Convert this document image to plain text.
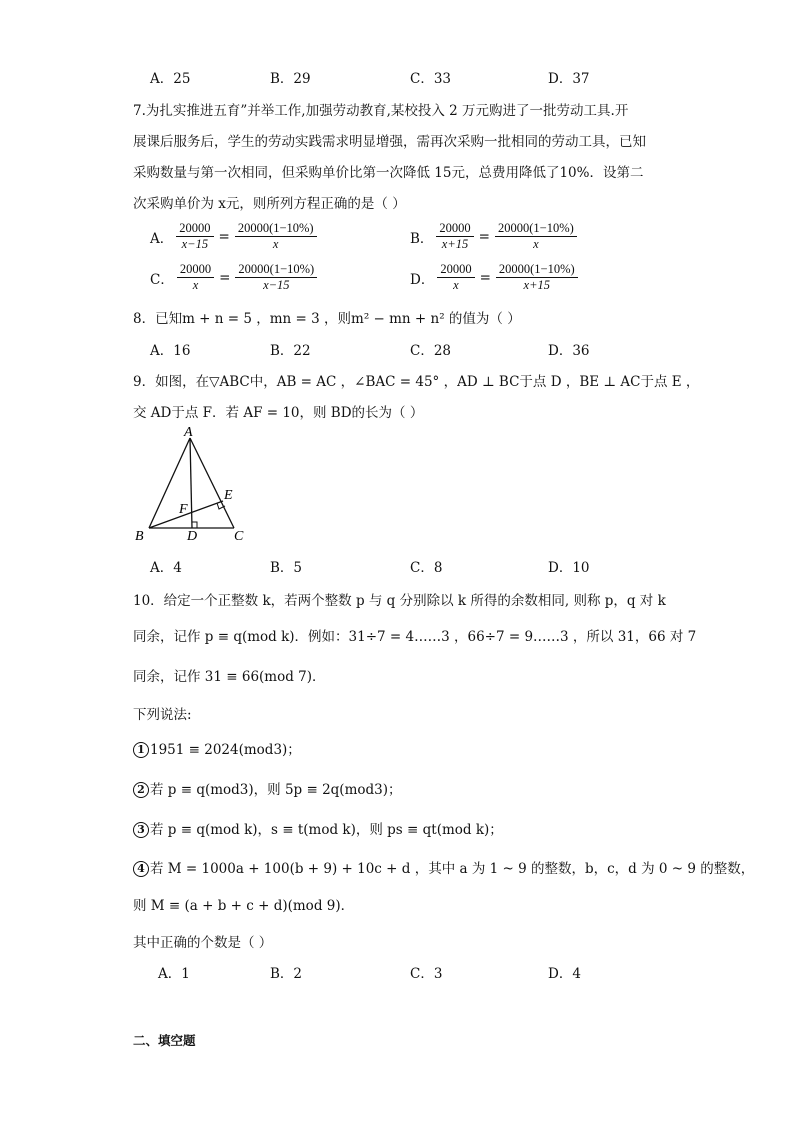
A．25	B．29	C．33	D．37
7.为扎实推进五育”并举工作,加强劳动教育,某校投入 2 万元购进了一批劳动工具.开
展课后服务后，学生的劳动实践需求明显增强，需再次采购一批相同的劳动工具，已知
采购数量与第一次相同，但采购单价比第一次降低 15元，总费用降低了10%．设第二
次采购单价为 x元，则所列方程正确的是（ ）
A． $\frac{20000}{x-15} = \frac{20000(1-10\%)}{x}$	B． $\frac{20000}{x+15} = \frac{20000(1-10\%)}{x}$
C． $\frac{20000}{x} = \frac{20000(1-10\%)}{x-15}$	D． $\frac{20000}{x} = \frac{20000(1-10\%)}{x+15}$
8．已知m + n = 5 ，mn = 3 ，则m² − mn + n² 的值为（ ）
A．16	B．22	C．28	D．36
9．如图，在▽ABC中，AB = AC ，∠BAC = 45° ，AD ⊥ BC于点 D ，BE ⊥ AC于点 E ，
交 AD于点 F．若 AF = 10，则 BD的长为（ ）
A
B	C
D
E
F
A．4	B．5	C．8	D．10
10．给定一个正整数 k，若两个整数 p 与 q 分别除以 k 所得的余数相同, 则称 p，q 对 k
同余，记作 p ≡ q(mod k)．例如：31÷7 = 4……3 ，66÷7 = 9……3 ，所以 31，66 对 7
同余，记作 31 ≡ 66(mod 7)．
下列说法:
1 1951 ≡ 2024(mod3)；
2 若 p ≡ q(mod3)，则 5p ≡ 2q(mod3)；
3 若 p ≡ q(mod k)，s ≡ t(mod k)，则 ps ≡ qt(mod k)；
4 若 M = 1000a + 100(b + 9) + 10c + d ，其中 a 为 1 ~ 9 的整数，b，c，d 为 0 ~ 9 的整数，
则 M ≡ (a + b + c + d)(mod 9)．
其中正确的个数是（ ）
A．1	B．2	C．3	D．4
二、填空题
